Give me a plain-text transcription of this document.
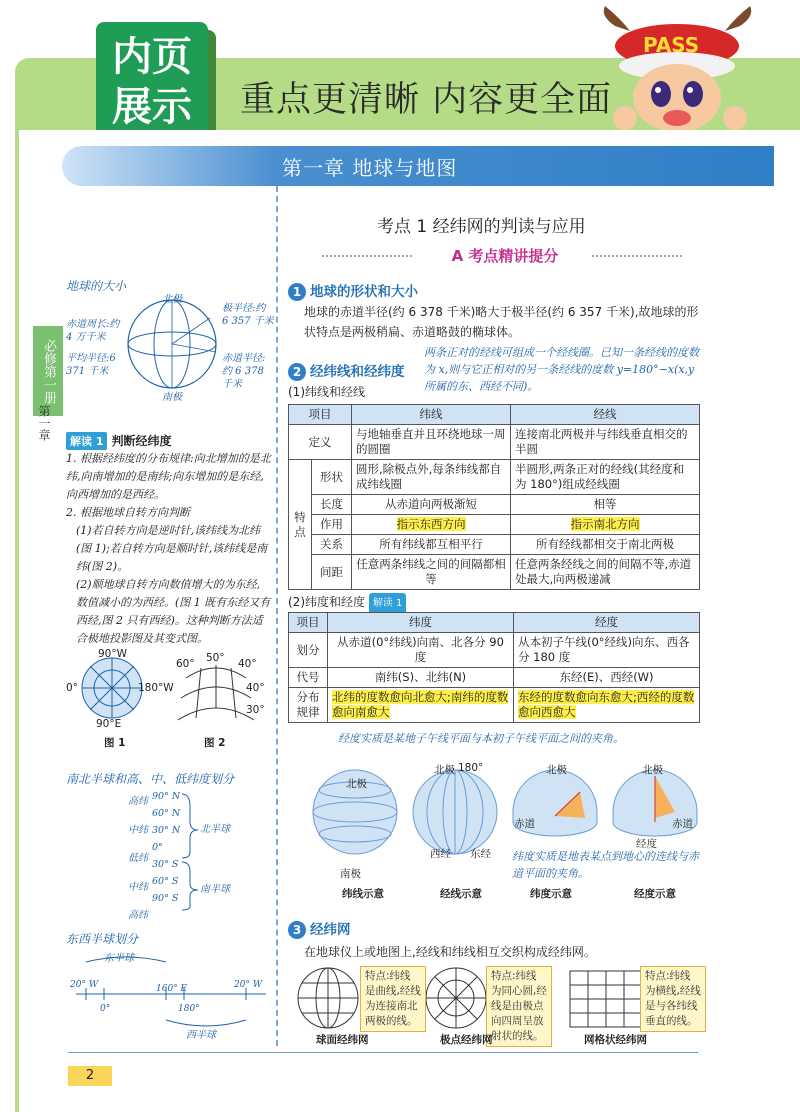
内页
展示	重点更清晰 内容更全面
PASS
第一章 地球与地图
必修第一册
第一章
地球的大小
北极
南极
赤道周长:约 4 万千米
平均半径:6 371 千米
极半径:约 6 357 千米
赤道半径:约 6 378 千米
解读 1 判断经纬度
1. 根据经纬度的分布规律:向北增加的是北纬,向南增加的是南纬;向东增加的是东经,向西增加的是西经。
2. 根据地球自转方向判断
(1)若自转方向是逆时针,该纬线为北纬(图 1);若自转方向是顺时针,该纬线是南纬(图 2)。
(2)顺地球自转方向数值增大的为东经,数值减小的为西经。(图 1 既有东经又有西经,图 2 只有西经)。这种判断方法适合极地投影图及其变式图。
90°W
0°	180°W
90°E
图 1
60° 50° 40°
40°
30°
图 2
南北半球和高、中、低纬度划分
高纬
中纬
低纬
中纬
高纬
90° N
60° N
30° N
0°
30° S
60° S
90° S
北半球
南半球
东西半球划分
东半球
西半球
20° W
0°
160° E
180°
20° W
考点 1 经纬网的判读与应用
A 考点精讲提分
1 地球的形状和大小
地球的赤道半径(约 6 378 千米)略大于极半径(约 6 357 千米),故地球的形状特点是两极稍扁、赤道略鼓的椭球体。
2 经纬线和经纬度
两条正对的经线可组成一个经线圈。已知一条经线的度数为 x,则与它正相对的另一条经线的度数 y=180°−x(x,y 所属的东、西经不同)。
(1)纬线和经线
项目		纬线	经线
定义		与地轴垂直并且环绕地球一周的圆圈	连接南北两极并与纬线垂直相交的半圆
特点	形状	圆形,除极点外,每条纬线都自成纬线圈	半圆形,两条正对的经线(其经度和为 180°)组成经线圈
	长度	从赤道向两极渐短	相等
	作用	指示东西方向	指示南北方向
	关系	所有纬线都互相平行	所有经线都相交于南北两极
	间距	任意两条纬线之间的间隔都相等	任意两条经线之间的间隔不等,赤道处最大,向两极递减
(2)纬度和经度 解读 1
项目	纬度	经度
划分	从赤道(0°纬线)向南、北各分 90 度	从本初子午线(0°经线)向东、西各分 180 度
代号	南纬(S)、北纬(N)	东经(E)、西经(W)
分布规律	北纬的度数愈向北愈大;南纬的度数愈向南愈大	东经的度数愈向东愈大;西经的度数愈向西愈大
经度实质是某地子午线平面与本初子午线平面之间的夹角。
北极
南极
纬线示意
北极 180°
西经 东经
经线示意
北极
赤道
纬度示意
北极
赤道
经度
经度示意
纬度实质是地表某点到地心的连线与赤道平面的夹角。
3 经纬网
在地球仪上或地图上,经线和纬线相互交织构成经纬网。
特点:纬线是曲线,经线为连接南北两极的线。
特点:纬线为同心圆,经线是由极点向四周呈放射状的线。
特点:纬线为横线,经线是与各纬线垂直的线。
球面经纬网	极点经纬网	网格状经纬网
2
